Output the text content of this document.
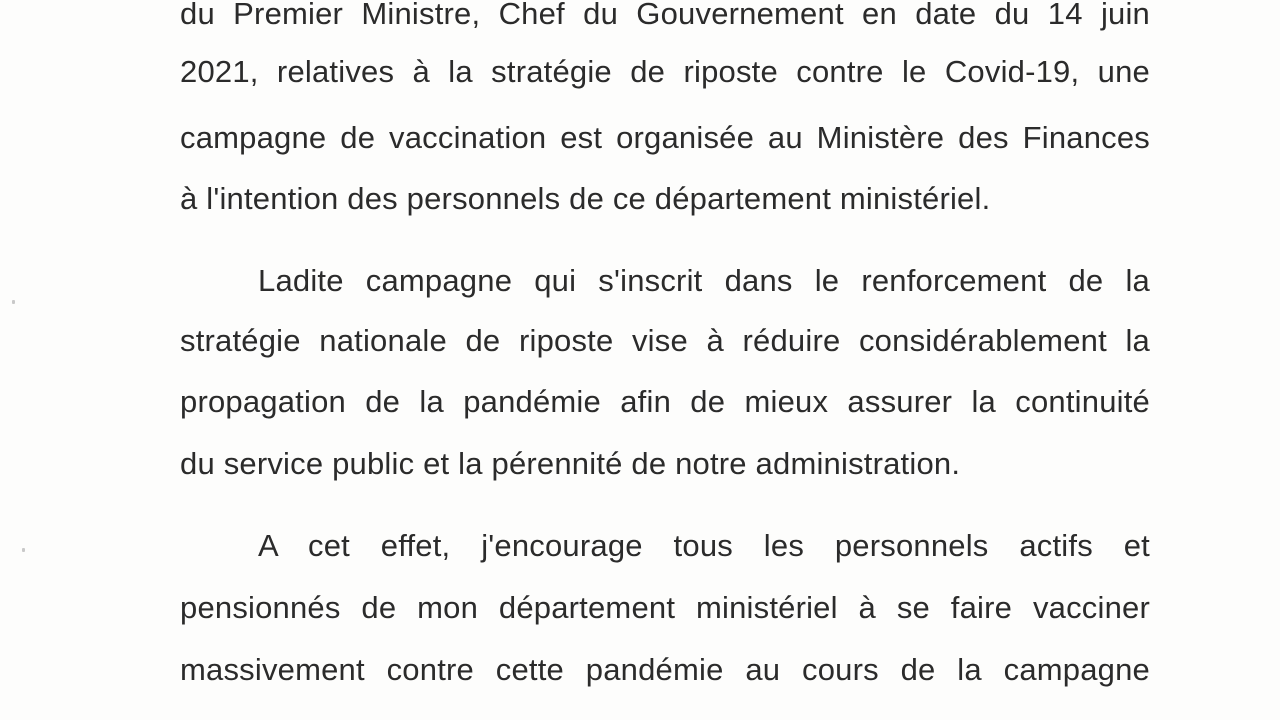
du Premier Ministre, Chef du Gouvernement en date du 14 juin
2021, relatives à la stratégie de riposte contre le Covid-19, une
campagne de vaccination est organisée au Ministère des Finances
à l'intention des personnels de ce département ministériel.
Ladite campagne qui s'inscrit dans le renforcement de la
stratégie nationale de riposte vise à réduire considérablement la
propagation de la pandémie afin de mieux assurer la continuité
du service public et la pérennité de notre administration.
A cet effet, j'encourage tous les personnels actifs et
pensionnés de mon département ministériel à se faire vacciner
massivement contre cette pandémie au cours de la campagne
